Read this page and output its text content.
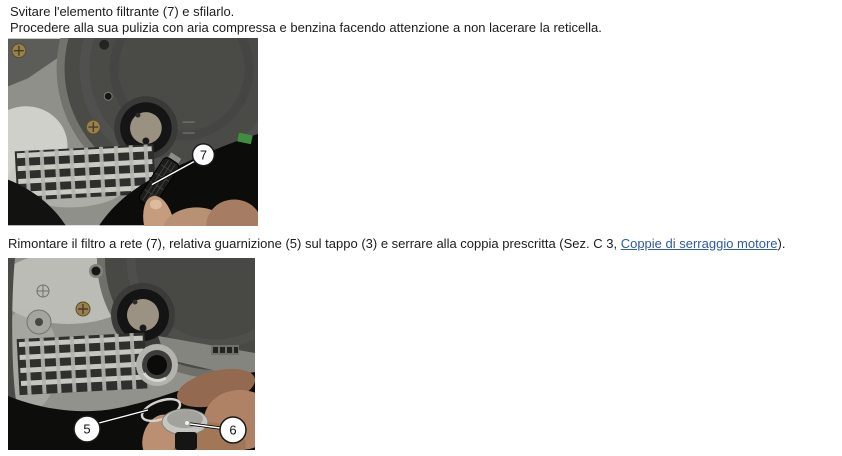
Svitare l'elemento filtrante (7) e sfilarlo.
Procedere alla sua pulizia con aria compressa e benzina facendo attenzione a non lacerare la reticella.
7
Rimontare il filtro a rete (7), relativa guarnizione (5) sul tappo (3) e serrare alla coppia prescritta (Sez. C 3, Coppie di serraggio motore).
5	6
